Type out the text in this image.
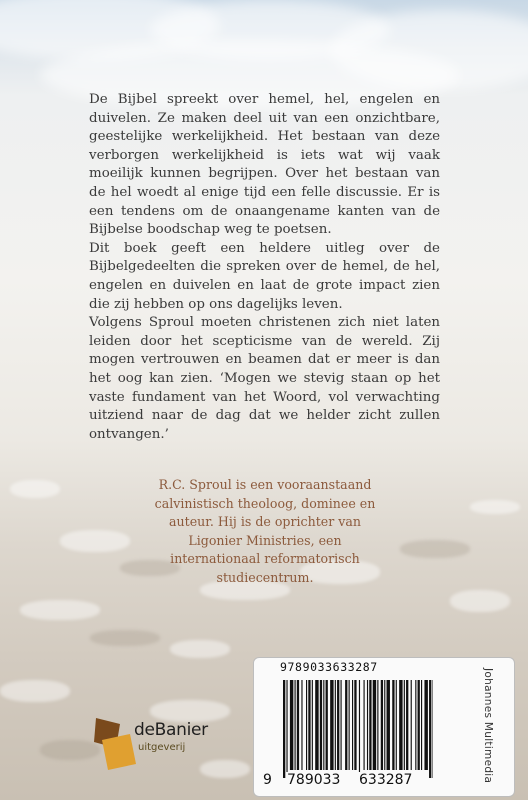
De Bijbel spreekt over hemel, hel, engelen en duivelen. Ze maken deel uit van een onzichtbare, geestelijke werkelijkheid. Het bestaan van deze verborgen werkelijkheid is iets wat wij vaak moeilijk kunnen begrijpen. Over het bestaan van de hel woedt al enige tijd een felle discussie. Er is een tendens om de onaangename kanten van de Bijbelse boodschap weg te poetsen.

Dit boek geeft een heldere uitleg over de Bijbelgedeelten die spreken over de hemel, de hel, engelen en duivelen en laat de grote impact zien die zij hebben op ons dagelijks leven.

Volgens Sproul moeten christenen zich niet laten leiden door het scepticisme van de wereld. Zij mogen vertrouwen en beamen dat er meer is dan het oog kan zien. ‘Mogen we stevig staan op het vaste fundament van het Woord, vol verwachting uitziend naar de dag dat we helder zicht zullen ontvangen.’

R.C. Sproul is een vooraanstaand calvinistisch theoloog, dominee en auteur. Hij is de oprichter van Ligonier Ministries, een internationaal reformatorisch studiecentrum.
deBanier
uitgeverij
9789033633287
9 789033 633287	Johannes Multimedia
